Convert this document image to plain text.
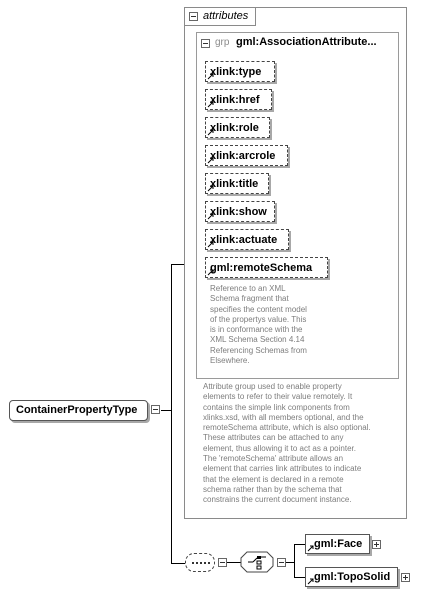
ContainerPropertyType
attributes
grp gml:AssociationAttribute...
xlink:type
xlink:href
xlink:role
xlink:arcrole
xlink:title
xlink:show
xlink:actuate
gml:remoteSchema
Reference to an XML
Schema fragment that
specifies the content model
of the propertys value. This
is in conformance with the
XML Schema Section 4.14
Referencing Schemas from
Elsewhere.
Attribute group used to enable property
elements to refer to their value remotely. It
contains the simple link components from
xlinks.xsd, with all members optional, and the
remoteSchema attribute, which is also optional.
These attributes can be attached to any
element, thus allowing it to act as a pointer.
The 'remoteSchema' attribute allows an
element that carries link attributes to indicate
that the element is declared in a remote
schema rather than by the schema that
constrains the current document instance.
gml:Face
gml:TopoSolid
